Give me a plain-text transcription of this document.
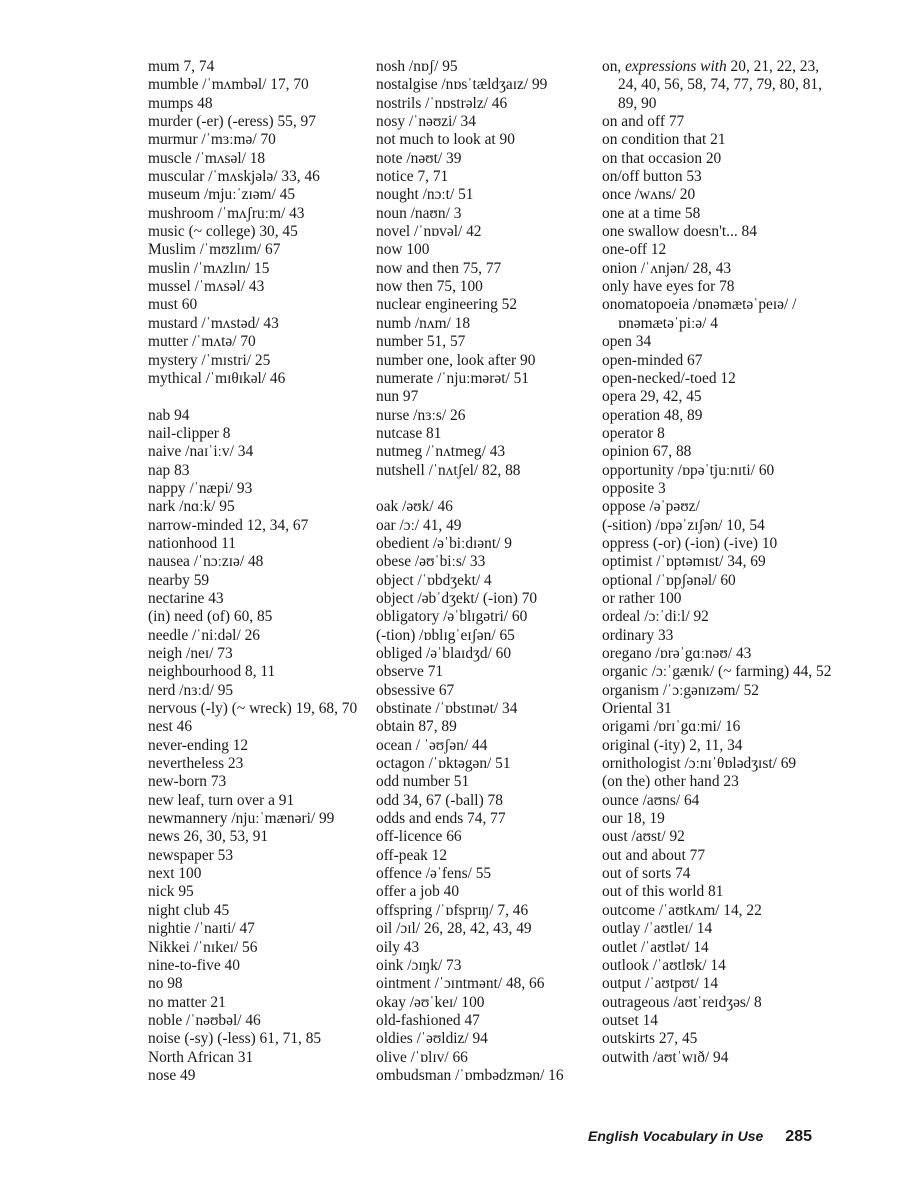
mum 7, 74
mumble /ˈmʌmbəl/ 17, 70
mumps 48
murder (-er) (-eress) 55, 97
murmur /ˈmɜːmə/ 70
muscle /ˈmʌsəl/ 18
muscular /ˈmʌskjələ/ 33, 46
museum /mjuːˈzɪəm/ 45
mushroom /ˈmʌʃruːm/ 43
music (~ college) 30, 45
Muslim /ˈmʊzlɪm/ 67
muslin /ˈmʌzlɪn/ 15
mussel /ˈmʌsəl/ 43
must 60
mustard /ˈmʌstəd/ 43
mutter /ˈmʌtə/ 70
mystery /ˈmɪstri/ 25
mythical /ˈmɪθɪkəl/ 46
nab 94
nail-clipper 8
naive /naɪˈiːv/ 34
nap 83
nappy /ˈnæpi/ 93
nark /nɑːk/ 95
narrow-minded 12, 34, 67
nationhood 11
nausea /ˈnɔːzɪə/ 48
nearby 59
nectarine 43
(in) need (of) 60, 85
needle /ˈniːdəl/ 26
neigh /neɪ/ 73
neighbourhood 8, 11
nerd /nɜːd/ 95
nervous (-ly) (~ wreck) 19, 68, 70
nest 46
never-ending 12
nevertheless 23
new-born 73
new leaf, turn over a 91
newmannery /njuːˈmænəri/ 99
news 26, 30, 53, 91
newspaper 53
next 100
nick 95
night club 45
nightie /ˈnaɪti/ 47
Nikkei /ˈnɪkeɪ/ 56
nine-to-five 40
no 98
no matter 21
noble /ˈnəʊbəl/ 46
noise (-sy) (-less) 61, 71, 85
North African 31
nose 49
nosh /nɒʃ/ 95
nostalgise /nɒsˈtældʒaɪz/ 99
nostrils /ˈnɒstrəlz/ 46
nosy /ˈnəʊzi/ 34
not much to look at 90
note /nəʊt/ 39
notice 7, 71
nought /nɔːt/ 51
noun /naʊn/ 3
novel /ˈnɒvəl/ 42
now 100
now and then 75, 77
now then 75, 100
nuclear engineering 52
numb /nʌm/ 18
number 51, 57
number one, look after 90
numerate /ˈnjuːmərət/ 51
nun 97
nurse /nɜːs/ 26
nutcase 81
nutmeg /ˈnʌtmeg/ 43
nutshell /ˈnʌtʃel/ 82, 88
oak /əʊk/ 46
oar /ɔː/ 41, 49
obedient /əˈbiːdɪənt/ 9
obese /əʊˈbiːs/ 33
object /ˈɒbdʒekt/ 4
object /əbˈdʒekt/ (-ion) 70
obligatory /əˈblɪgətri/ 60
(-tion) /ɒblɪgˈeɪʃən/ 65
obliged /əˈblaɪdʒd/ 60
observe 71
obsessive 67
obstinate /ˈɒbstɪnət/ 34
obtain 87, 89
ocean / ˈəʊʃən/ 44
octagon /ˈɒktəgən/ 51
odd number 51
odd 34, 67 (-ball) 78
odds and ends 74, 77
off-licence 66
off-peak 12
offence /əˈfens/ 55
offer a job 40
offspring /ˈɒfsprɪŋ/ 7, 46
oil /ɔɪl/ 26, 28, 42, 43, 49
oily 43
oink /ɔɪŋk/ 73
ointment /ˈɔɪntmənt/ 48, 66
okay /əʊˈkeɪ/ 100
old-fashioned 47
oldies /ˈəʊldiz/ 94
olive /ˈɒlɪv/ 66
ombudsman /ˈɒmbədzmən/ 16
on, expressions with 20, 21, 22, 23, 24, 40, 56, 58, 74, 77, 79, 80, 81, 89, 90
on and off 77
on condition that 21
on that occasion 20
on/off button 53
once /wʌns/ 20
one at a time 58
one swallow doesn't... 84
one-off 12
onion /ˈʌnjən/ 28, 43
only have eyes for 78
onomatopoeia /ɒnəmætəˈpeɪə/ /ɒnəmætəˈpiːə/ 4
open 34
open-minded 67
open-necked/-toed 12
opera 29, 42, 45
operation 48, 89
operator 8
opinion 67, 88
opportunity /ɒpəˈtjuːnɪti/ 60
opposite 3
oppose /əˈpəʊz/
(-sition) /ɒpəˈzɪʃən/ 10, 54
oppress (-or) (-ion) (-ive) 10
optimist /ˈɒptəmɪst/ 34, 69
optional /ˈɒpʃənəl/ 60
or rather 100
ordeal /ɔːˈdiːl/ 92
ordinary 33
oregano /ɒrəˈgɑːnəʊ/ 43
organic /ɔːˈgænɪk/ (~ farming) 44, 52
organism /ˈɔːgənɪzəm/ 52
Oriental 31
origami /ɒrɪˈgɑːmi/ 16
original (-ity) 2, 11, 34
ornithologist /ɔːnɪˈθɒlədʒɪst/ 69
(on the) other hand 23
ounce /aʊns/ 64
our 18, 19
oust /aʊst/ 92
out and about 77
out of sorts 74
out of this world 81
outcome /ˈaʊtkʌm/ 14, 22
outlay /ˈaʊtleɪ/ 14
outlet /ˈaʊtlət/ 14
outlook /ˈaʊtlʊk/ 14
output /ˈaʊtpʊt/ 14
outrageous /aʊtˈreɪdʒəs/ 8
outset 14
outskirts 27, 45
outwith /aʊtˈwɪð/ 94
English Vocabulary in Use 285
